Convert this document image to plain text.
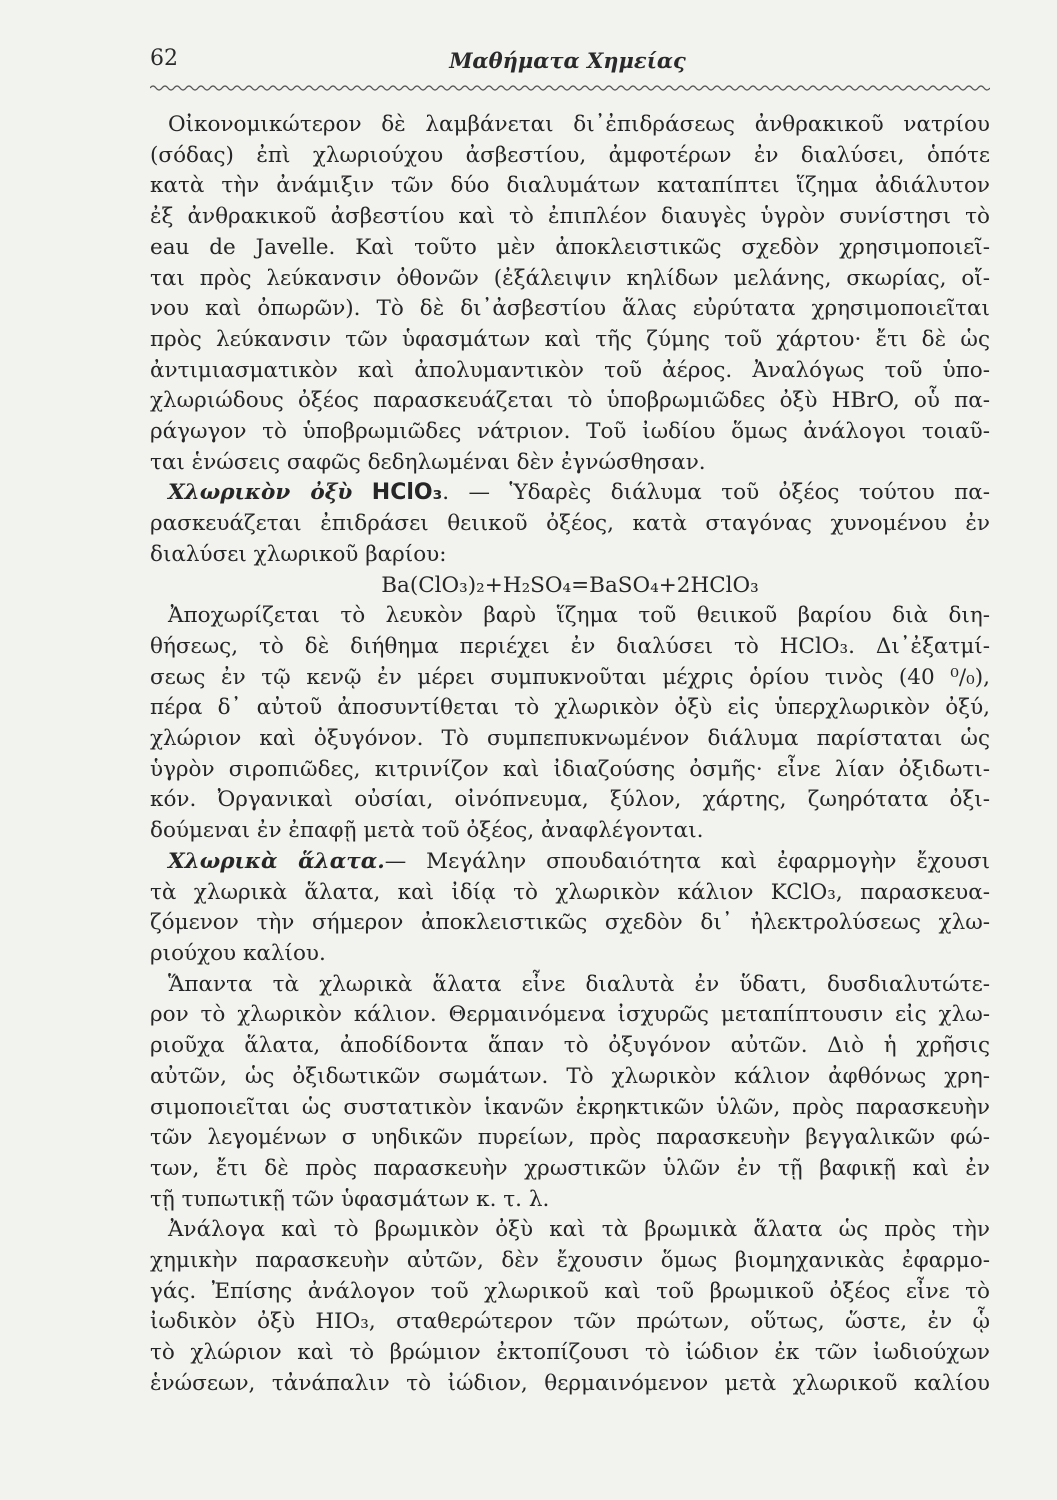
62	Μαθήματα Χημείας
Οἰκονομικώτερον δὲ λαμβάνεται δι᾽ἐπιδράσεως ἀνθρακικοῦ νατρίου
(σόδας) ἐπὶ χλωριούχου ἀσβεστίου, ἀμφοτέρων ἐν διαλύσει, ὁπότε
κατὰ τὴν ἀνάμιξιν τῶν δύο διαλυμάτων καταπίπτει ἵζημα ἀδιάλυτον
ἐξ ἀνθρακικοῦ ἀσβεστίου καὶ τὸ ἐπιπλέον διαυγὲς ὑγρὸν συνίστησι τὸ
eau de Javelle. Καὶ τοῦτο μὲν ἀποκλειστικῶς σχεδὸν χρησιμοποιεῖ-
ται πρὸς λεύκανσιν ὀθονῶν (ἐξάλειψιν κηλίδων μελάνης, σκωρίας, οἴ-
νου καὶ ὀπωρῶν). Τὸ δὲ δι᾽ἀσβεστίου ἅλας εὐρύτατα χρησιμοποιεῖται
πρὸς λεύκανσιν τῶν ὑφασμάτων καὶ τῆς ζύμης τοῦ χάρτου· ἔτι δὲ ὡς
ἀντιμιασματικὸν καὶ ἀπολυμαντικὸν τοῦ ἀέρος. Ἀναλόγως τοῦ ὑπο-
χλωριώδους ὀξέος παρασκευάζεται τὸ ὑποβρωμιῶδες ὀξὺ HBrO, οὗ πα-
ράγωγον τὸ ὑποβρωμιῶδες νάτριον. Τοῦ ἰωδίου ὅμως ἀνάλογοι τοιαῦ-
ται ἑνώσεις σαφῶς δεδηλωμέναι δὲν ἐγνώσθησαν.
Χλωρικὸν ὀξὺ HClO₃. — Ὑδαρὲς διάλυμα τοῦ ὀξέος τούτου πα-
ρασκευάζεται ἐπιδράσει θειικοῦ ὀξέος, κατὰ σταγόνας χυνομένου ἐν
διαλύσει χλωρικοῦ βαρίου:
Ba(ClO₃)₂+H₂SO₄=BaSO₄+2HClO₃
Ἀποχωρίζεται τὸ λευκὸν βαρὺ ἵζημα τοῦ θειικοῦ βαρίου διὰ διη-
θήσεως, τὸ δὲ διήθημα περιέχει ἐν διαλύσει τὸ HClO₃. Δι᾽ἐξατμί-
σεως ἐν τῷ κενῷ ἐν μέρει συμπυκνοῦται μέχρις ὁρίου τινὸς (40 ⁰/₀),
πέρα δ᾽ αὐτοῦ ἀποσυντίθεται τὸ χλωρικὸν ὀξὺ εἰς ὑπερχλωρικὸν ὀξύ,
χλώριον καὶ ὀξυγόνον. Τὸ συμπεπυκνωμένον διάλυμα παρίσταται ὡς
ὑγρὸν σιροπιῶδες, κιτρινίζον καὶ ἰδιαζούσης ὀσμῆς· εἶνε λίαν ὀξιδωτι-
κόν. Ὀργανικαὶ οὐσίαι, οἰνόπνευμα, ξύλον, χάρτης, ζωηρότατα ὀξι-
δούμεναι ἐν ἐπαφῇ μετὰ τοῦ ὀξέος, ἀναφλέγονται.
Χλωρικὰ ἅλατα.— Μεγάλην σπουδαιότητα καὶ ἐφαρμογὴν ἔχουσι
τὰ χλωρικὰ ἅλατα, καὶ ἰδίᾳ τὸ χλωρικὸν κάλιον KClO₃, παρασκευα-
ζόμενον τὴν σήμερον ἀποκλειστικῶς σχεδὸν δι᾽ ἠλεκτρολύσεως χλω-
ριούχου καλίου.
Ἅπαντα τὰ χλωρικὰ ἅλατα εἶνε διαλυτὰ ἐν ὕδατι, δυσδιαλυτώτε-
ρον τὸ χλωρικὸν κάλιον. Θερμαινόμενα ἰσχυρῶς μεταπίπτουσιν εἰς χλω-
ριοῦχα ἅλατα, ἀποδίδοντα ἅπαν τὸ ὀξυγόνον αὐτῶν. Διὸ ἡ χρῆσις
αὐτῶν, ὡς ὀξιδωτικῶν σωμάτων. Τὸ χλωρικὸν κάλιον ἀφθόνως χρη-
σιμοποιεῖται ὡς συστατικὸν ἱκανῶν ἐκρηκτικῶν ὑλῶν, πρὸς παρασκευὴν
τῶν λεγομένων σ υηδικῶν πυρείων, πρὸς παρασκευὴν βεγγαλικῶν φώ-
των, ἔτι δὲ πρὸς παρασκευὴν χρωστικῶν ὑλῶν ἐν τῇ βαφικῇ καὶ ἐν
τῇ τυπωτικῇ τῶν ὑφασμάτων κ. τ. λ.
Ἀνάλογα καὶ τὸ βρωμικὸν ὀξὺ καὶ τὰ βρωμικὰ ἅλατα ὡς πρὸς τὴν
χημικὴν παρασκευὴν αὐτῶν, δὲν ἔχουσιν ὅμως βιομηχανικὰς ἐφαρμο-
γάς. Ἐπίσης ἀνάλογον τοῦ χλωρικοῦ καὶ τοῦ βρωμικοῦ ὀξέος εἶνε τὸ
ἰωδικὸν ὀξὺ HIO₃, σταθερώτερον τῶν πρώτων, οὕτως, ὥστε, ἐν ᾧ
τὸ χλώριον καὶ τὸ βρώμιον ἐκτοπίζουσι τὸ ἰώδιον ἐκ τῶν ἰωδιούχων
ἑνώσεων, τἀνάπαλιν τὸ ἰώδιον, θερμαινόμενον μετὰ χλωρικοῦ καλίου
